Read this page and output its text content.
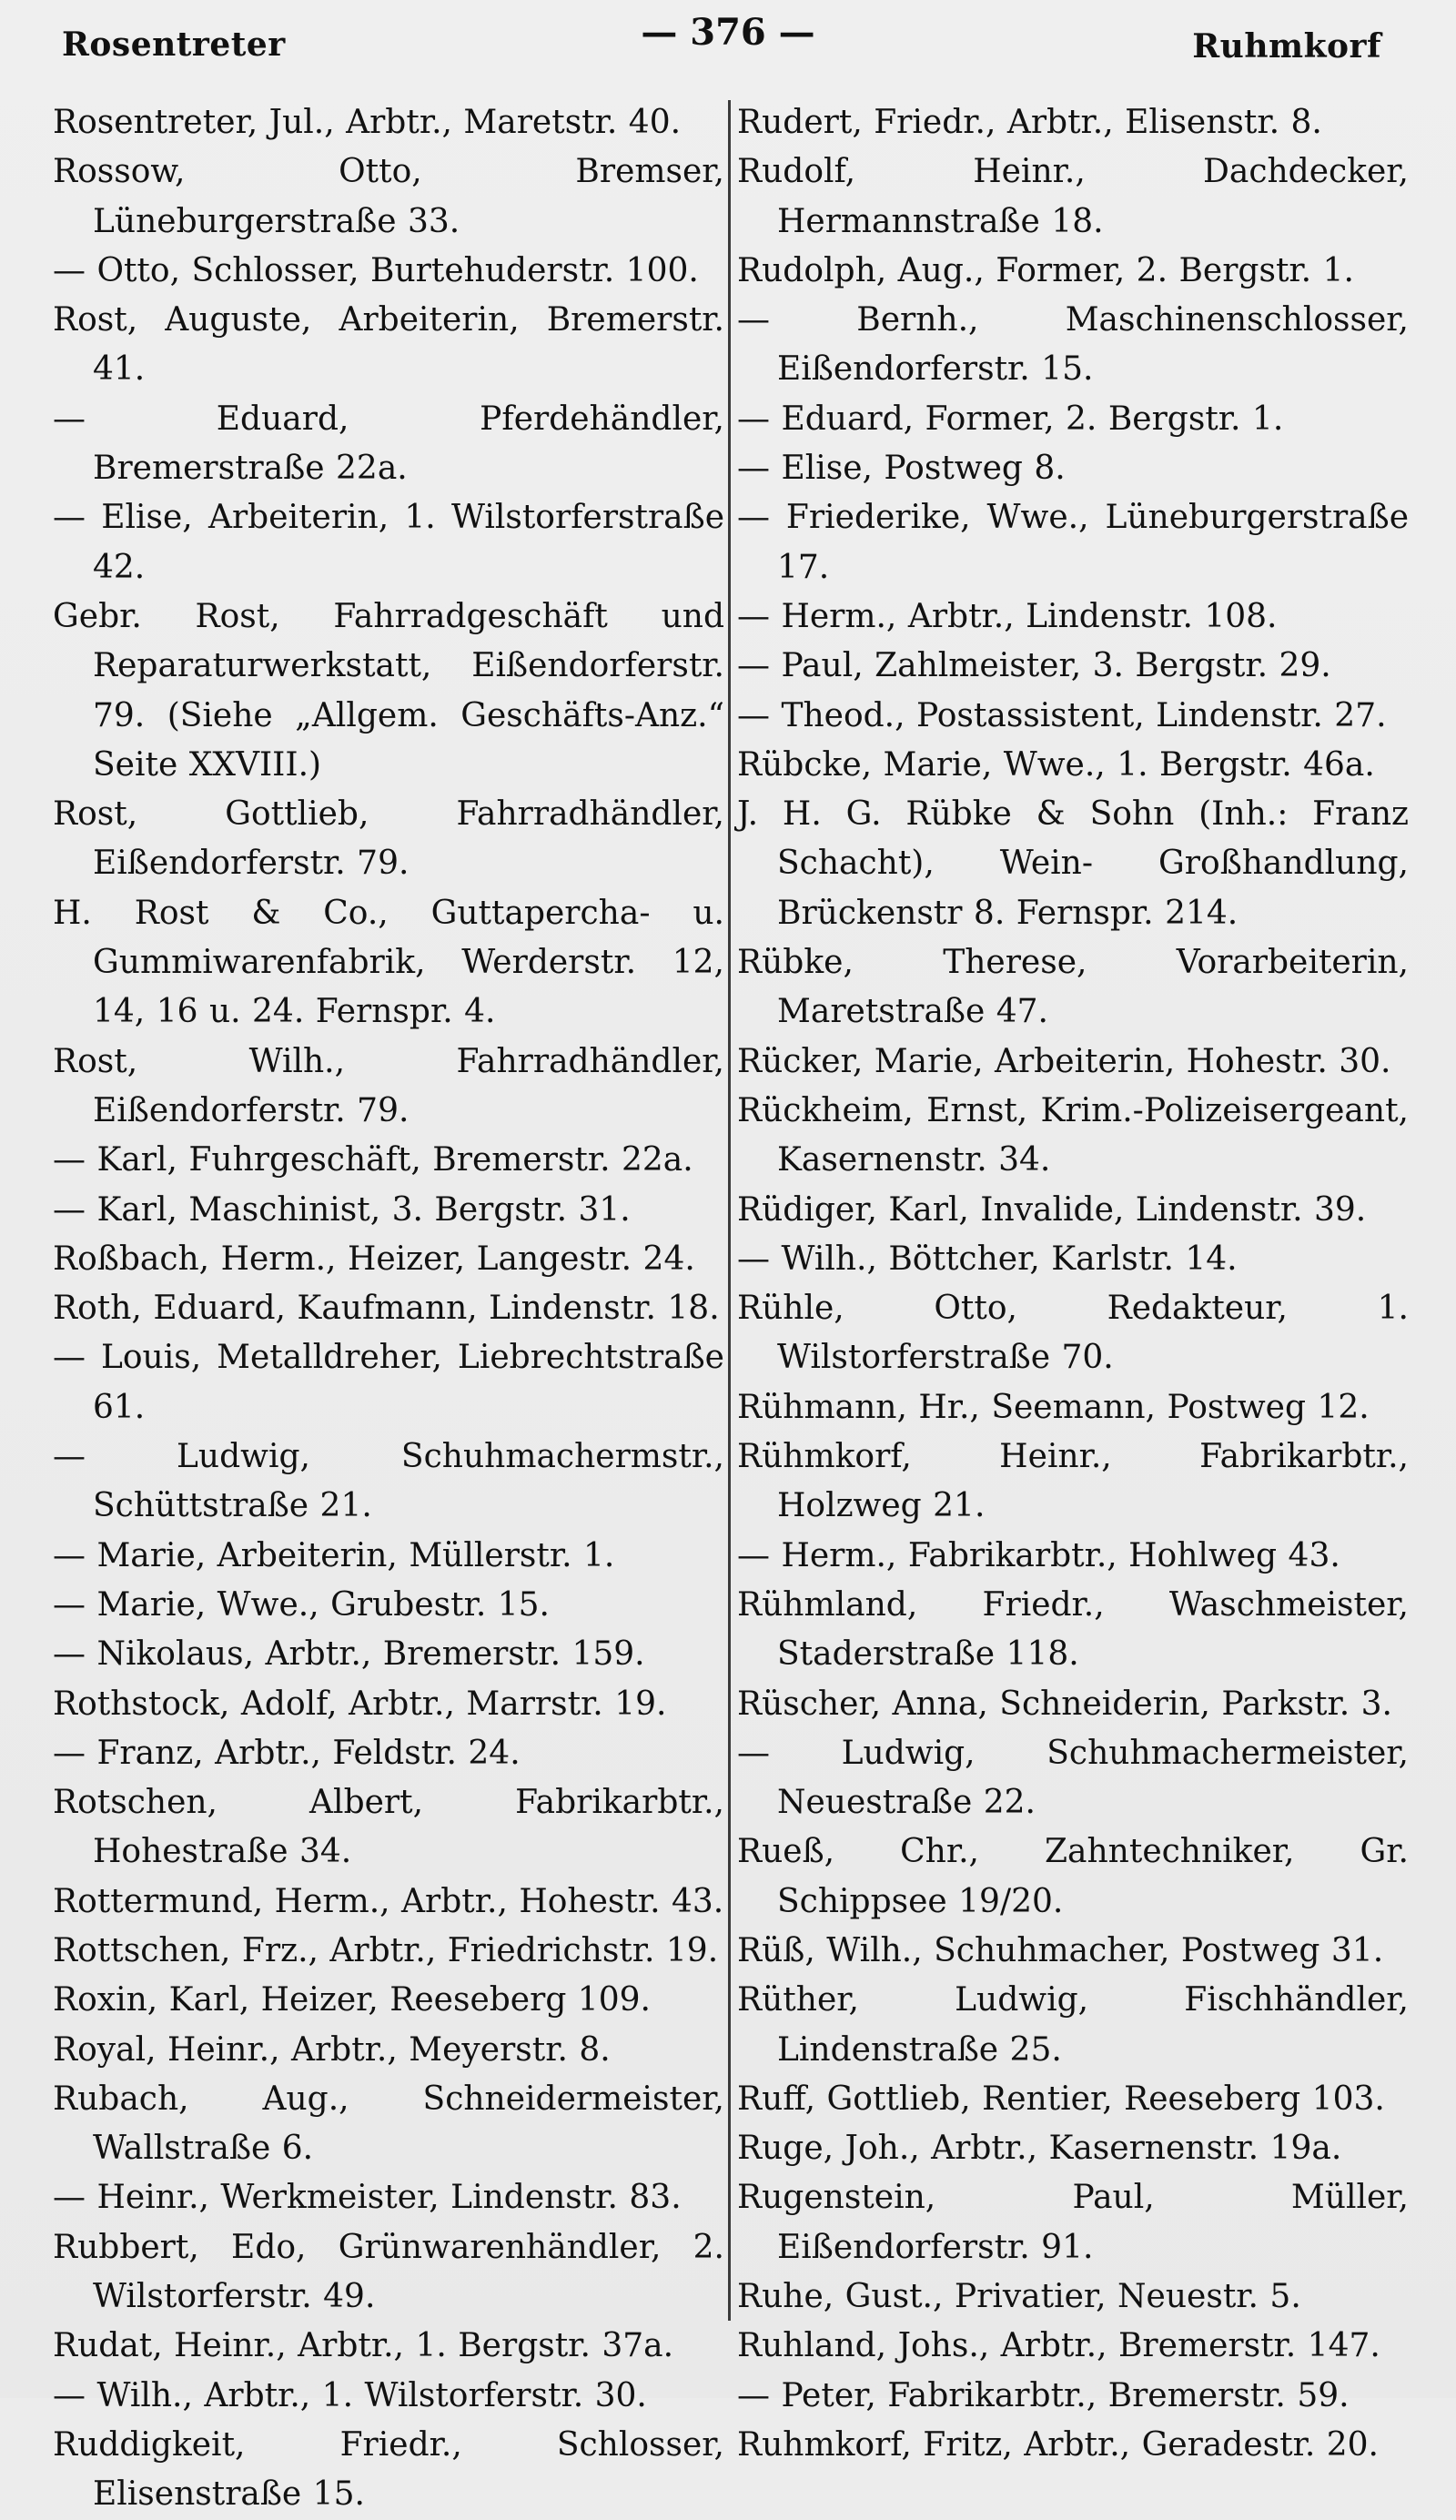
Rosentreter	— 376 —	Ruhmkorf
Rosentreter, Jul., Arbtr., Maretstr. 40.
Rossow, Otto, Bremser, Lüneburgerstraße 33.
— Otto, Schlosser, Burtehuderstr. 100.
Rost, Auguste, Arbeiterin, Bremerstr. 41.
— Eduard, Pferdehändler, Bremerstraße 22a.
— Elise, Arbeiterin, 1. Wilstorferstraße 42.
Gebr. Rost, Fahrradgeschäft und Reparaturwerkstatt, Eißendorferstr. 79. (Siehe „Allgem. Geschäfts-Anz.“ Seite XXVIII.)
Rost, Gottlieb, Fahrradhändler, Eißendorferstr. 79.
H. Rost & Co., Guttapercha- u. Gummiwarenfabrik, Werderstr. 12, 14, 16 u. 24. Fernspr. 4.
Rost, Wilh., Fahrradhändler, Eißendorferstr. 79.
— Karl, Fuhrgeschäft, Bremerstr. 22a.
— Karl, Maschinist, 3. Bergstr. 31.
Roßbach, Herm., Heizer, Langestr. 24.
Roth, Eduard, Kaufmann, Lindenstr. 18.
— Louis, Metalldreher, Liebrechtstraße 61.
— Ludwig, Schuhmachermstr., Schüttstraße 21.
— Marie, Arbeiterin, Müllerstr. 1.
— Marie, Wwe., Grubestr. 15.
— Nikolaus, Arbtr., Bremerstr. 159.
Rothstock, Adolf, Arbtr., Marrstr. 19.
— Franz, Arbtr., Feldstr. 24.
Rotschen, Albert, Fabrikarbtr., Hohestraße 34.
Rottermund, Herm., Arbtr., Hohestr. 43.
Rottschen, Frz., Arbtr., Friedrichstr. 19.
Roxin, Karl, Heizer, Reeseberg 109.
Royal, Heinr., Arbtr., Meyerstr. 8.
Rubach, Aug., Schneidermeister, Wallstraße 6.
— Heinr., Werkmeister, Lindenstr. 83.
Rubbert, Edo, Grünwarenhändler, 2. Wilstorferstr. 49.
Rudat, Heinr., Arbtr., 1. Bergstr. 37a.
— Wilh., Arbtr., 1. Wilstorferstr. 30.
Ruddigkeit, Friedr., Schlosser, Elisenstraße 15.
Rudert, Friedr., Arbtr., Elisenstr. 8.
Rudolf, Heinr., Dachdecker, Hermannstraße 18.
Rudolph, Aug., Former, 2. Bergstr. 1.
— Bernh., Maschinenschlosser, Eißendorferstr. 15.
— Eduard, Former, 2. Bergstr. 1.
— Elise, Postweg 8.
— Friederike, Wwe., Lüneburgerstraße 17.
— Herm., Arbtr., Lindenstr. 108.
— Paul, Zahlmeister, 3. Bergstr. 29.
— Theod., Postassistent, Lindenstr. 27.
Rübcke, Marie, Wwe., 1. Bergstr. 46a.
J. H. G. Rübke & Sohn (Inh.: Franz Schacht), Wein- Großhandlung, Brückenstr 8. Fernspr. 214.
Rübke, Therese, Vorarbeiterin, Maretstraße 47.
Rücker, Marie, Arbeiterin, Hohestr. 30.
Rückheim, Ernst, Krim.-Polizeisergeant, Kasernenstr. 34.
Rüdiger, Karl, Invalide, Lindenstr. 39.
— Wilh., Böttcher, Karlstr. 14.
Rühle, Otto, Redakteur, 1. Wilstorferstraße 70.
Rühmann, Hr., Seemann, Postweg 12.
Rühmkorf, Heinr., Fabrikarbtr., Holzweg 21.
— Herm., Fabrikarbtr., Hohlweg 43.
Rühmland, Friedr., Waschmeister, Staderstraße 118.
Rüscher, Anna, Schneiderin, Parkstr. 3.
— Ludwig, Schuhmachermeister, Neuestraße 22.
Rueß, Chr., Zahntechniker, Gr. Schippsee 19/20.
Rüß, Wilh., Schuhmacher, Postweg 31.
Rüther, Ludwig, Fischhändler, Lindenstraße 25.
Ruff, Gottlieb, Rentier, Reeseberg 103.
Ruge, Joh., Arbtr., Kasernenstr. 19a.
Rugenstein, Paul, Müller, Eißendorferstr. 91.
Ruhe, Gust., Privatier, Neuestr. 5.
Ruhland, Johs., Arbtr., Bremerstr. 147.
— Peter, Fabrikarbtr., Bremerstr. 59.
Ruhmkorf, Fritz, Arbtr., Geradestr. 20.
